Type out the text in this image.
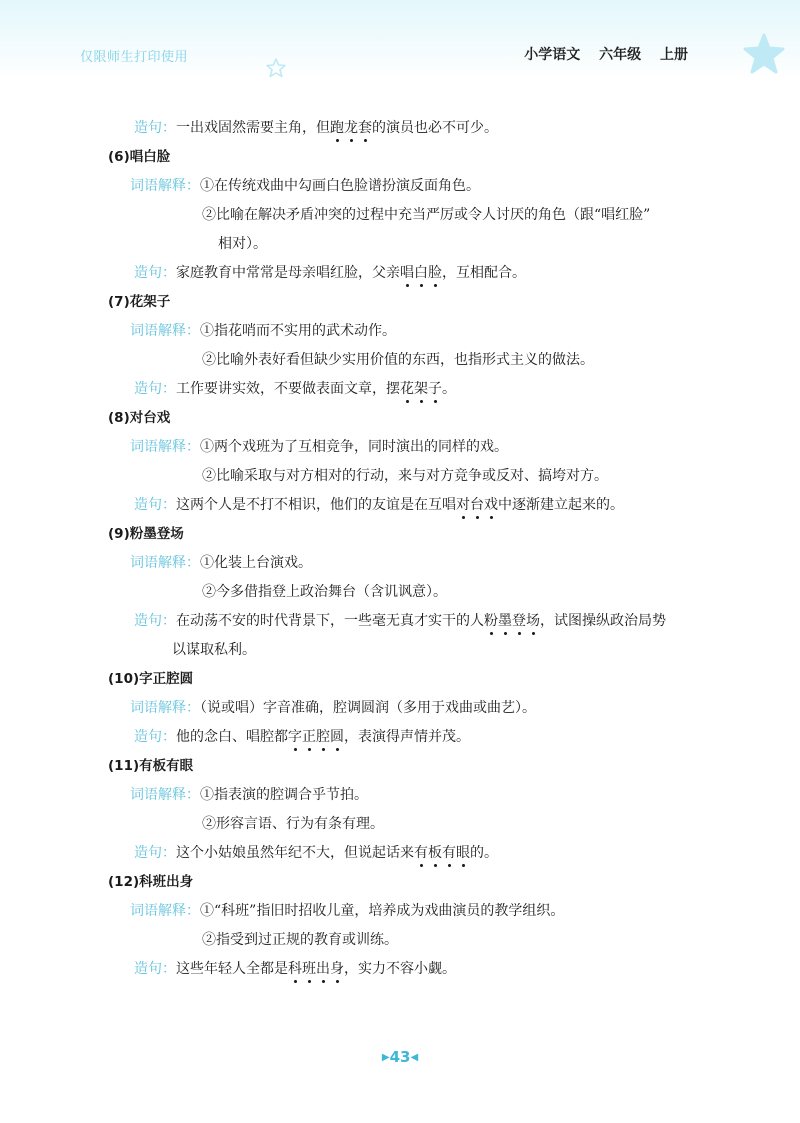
仅限师生打印使用	小学语文 六年级 上册
造句：一出戏固然需要主角，但跑龙套的演员也必不可少。
(6)唱白脸
词语解释：①在传统戏曲中勾画白色脸谱扮演反面角色。
②比喻在解决矛盾冲突的过程中充当严厉或令人讨厌的角色（跟“唱红脸”
相对）。
造句：家庭教育中常常是母亲唱红脸，父亲唱白脸，互相配合。
(7)花架子
词语解释：①指花哨而不实用的武术动作。
②比喻外表好看但缺少实用价值的东西，也指形式主义的做法。
造句：工作要讲实效，不要做表面文章，摆花架子。
(8)对台戏
词语解释：①两个戏班为了互相竞争，同时演出的同样的戏。
②比喻采取与对方相对的行动，来与对方竞争或反对、搞垮对方。
造句：这两个人是不打不相识，他们的友谊是在互唱对台戏中逐渐建立起来的。
(9)粉墨登场
词语解释：①化装上台演戏。
②今多借指登上政治舞台（含讥讽意）。
造句：在动荡不安的时代背景下，一些毫无真才实干的人粉墨登场，试图操纵政治局势
以谋取私利。
(10)字正腔圆
词语解释：（说或唱）字音准确，腔调圆润（多用于戏曲或曲艺）。
造句：他的念白、唱腔都字正腔圆，表演得声情并茂。
(11)有板有眼
词语解释：①指表演的腔调合乎节拍。
②形容言语、行为有条有理。
造句：这个小姑娘虽然年纪不大，但说起话来有板有眼的。
(12)科班出身
词语解释：①“科班”指旧时招收儿童，培养成为戏曲演员的教学组织。
②指受到过正规的教育或训练。
造句：这些年轻人全都是科班出身，实力不容小觑。
▶43◀
